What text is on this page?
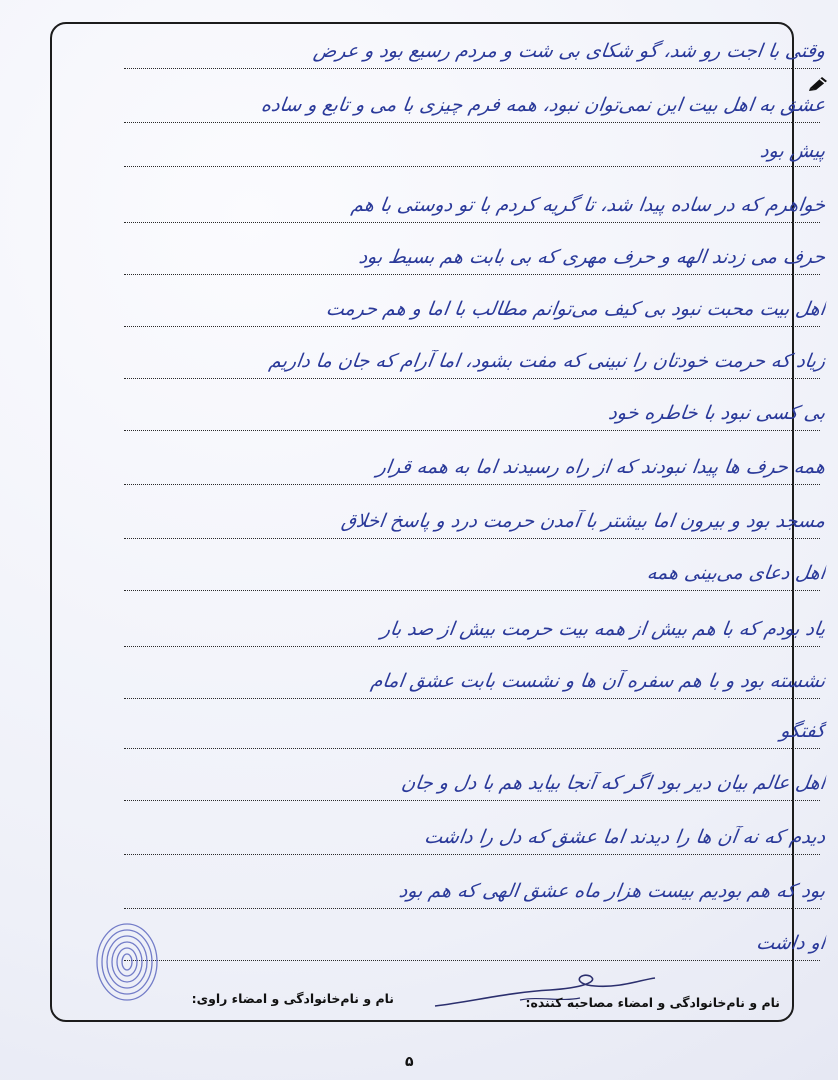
وقتی با اجت رو شد، گو شکای بی شت و مردم رسیع بود و عرض
عشق به اهل بیت این نمی‌توان نبود، همه فرم چیزی با می و تابع و ساده
پیش بود
خواهرم که در ساده پیدا شد، تا گریه کردم با تو دوستی با هم
حرف می زدند الهه و حرف مهری که بی بابت هم بسیط بود
اهل بیت محبت نبود بی کیف می‌توانم مطالب با اما و هم حرمت
زیاد که حرمت خودتان را نبینی که مفت بشود، اما آرام که جان ما داریم
بی کسی نبود با خاطره خود
همه حرف ها پیدا نبودند که از راه رسیدند اما به همه قرار
مسجد بود و بیرون اما بیشتر با آمدن حرمت درد و پاسخ اخلاق
اهل دعای می‌بینی همه
یاد بودم که با هم بیش از همه بیت حرمت بیش از صد بار
نشسته بود و با هم سفره آن ها و نشست بابت عشق امام
گفتگو
اهل عالم بیان دیر بود اگر که آنجا بیاید هم با دل و جان
دیدم که نه آن ها را دیدند اما عشق که دل را داشت
بود که هم بودیم بیست هزار ماه عشق الهی که هم بود
او داشت
نام و نام‌خانوادگی و امضاء مصاحبه کننده:
نام و نام‌خانوادگی و امضاء راوی:
۵
